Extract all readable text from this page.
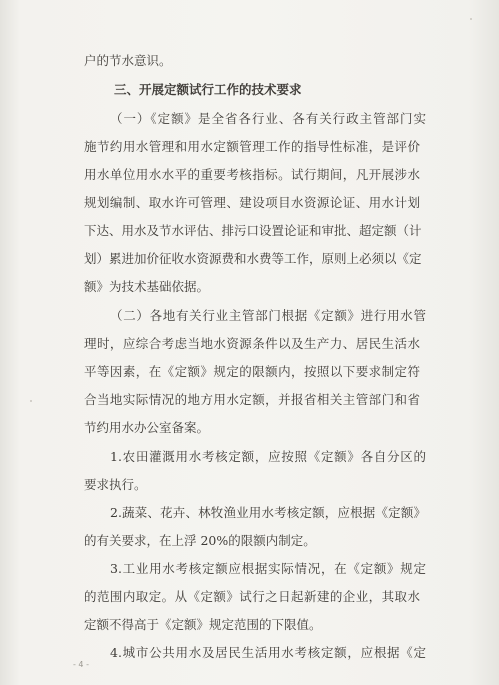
户的节水意识。
三、开展定额试行工作的技术要求
（一）《定额》是全省各行业、各有关行政主管部门实
施节约用水管理和用水定额管理工作的指导性标准，是评价
用水单位用水水平的重要考核指标。试行期间，凡开展涉水
规划编制、取水许可管理、建设项目水资源论证、用水计划
下达、用水及节水评估、排污口设置论证和审批、超定额（计
划）累进加价征收水资源费和水费等工作，原则上必须以《定
额》为技术基础依据。
（二）各地有关行业主管部门根据《定额》进行用水管
理时，应综合考虑当地水资源条件以及生产力、居民生活水
平等因素，在《定额》规定的限额内，按照以下要求制定符
合当地实际情况的地方用水定额，并报省相关主管部门和省
节约用水办公室备案。
1.农田灌溉用水考核定额，应按照《定额》各自分区的
要求执行。
2.蔬菜、花卉、林牧渔业用水考核定额，应根据《定额》
的有关要求，在上浮 20%的限额内制定。
3.工业用水考核定额应根据实际情况，在《定额》规定
的范围内取定。从《定额》试行之日起新建的企业，其取水
定额不得高于《定额》规定范围的下限值。
4.城市公共用水及居民生活用水考核定额，应根据《定
- 4 -
